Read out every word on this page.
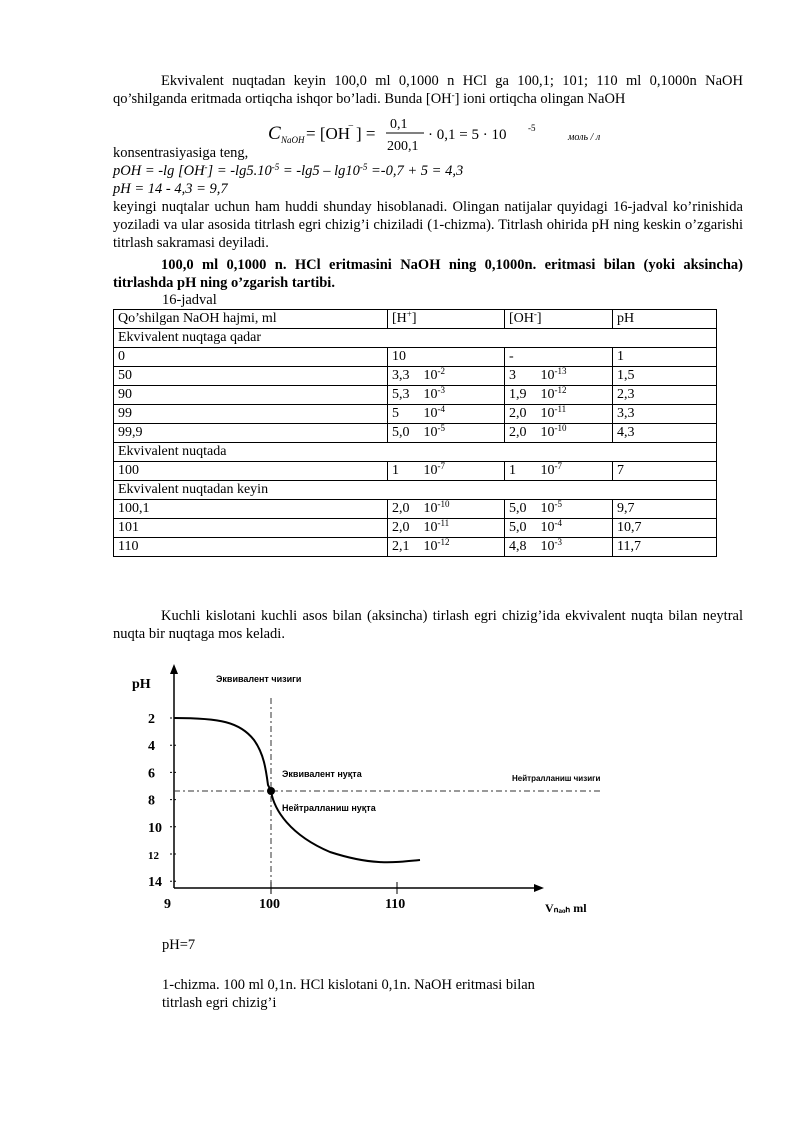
Ekvivalent nuqtadan keyin 100,0 ml 0,1000 n HCl ga 100,1; 101; 110 ml 0,1000n NaOH qo’shilganda eritmada ortiqcha ishqor bo’ladi. Bunda [OH-] ioni ortiqcha olingan NaOH
C NaOH = [OH
− ] = 0,1
200,1
· 0,1 = 5 · 10 -5
моль / л
konsentrasiyasiga teng,
pOH = -lg $[OH^-] = -\lg 5.10^{-5} = -\lg 5 - \lg 10^{-5} =-0,7 + 5 = 4,3$
pH = 14 - 4,3 = 9,7
keyingi nuqtalar uchun ham huddi shunday hisoblanadi. Olingan natijalar quyidagi 16-jadval ko’rinishida yoziladi va ular asosida titrlash egri chizig’i chiziladi (1-chizma). Titrlash ohirida pH ning keskin o’zgarishi titrlash sakramasi deyiladi.
100,0 ml 0,1000 n. HCl eritmasini NaOH ning 0,1000n. eritmasi bilan (yoki aksincha) titrlashda pH ning o’zgarish tartibi.
16-jadval
Qo’shilgan NaOH hajmi, ml	[H+]	[OH-]	pH
Ekvivalent nuqtaga qadar			
0	10	-	1
50	3,3 $10^{-2}$	3 $10^{-13}$	1,5
90	5,3 $10^{-3}$	1,9 $10^{-12}$	2,3
99	5 $10^{-4}$	2,0 $10^{-11}$	3,3
99,9	5,0 $10^{-5}$	2,0 $10^{-10}$	4,3
Ekvivalent nuqtada			
100	1 $10^{-7}$	1 $10^{-7}$	7
Ekvivalent nuqtadan keyin			
100,1	2,0 $10^{-10}$	5,0 $10^{-5}$	9,7
101	2,0 $10^{-11}$	5,0 $10^{-4}$	10,7
110	2,1 $10^{-12}$	4,8 $10^{-3}$	11,7
Kuchli kislotani kuchli asos bilan (aksincha) tirlash egri chizig’ida ekvivalent nuqta bilan neytral nuqta bir nuqtaga mos keladi.
pH
Vₙₐₒₕ ml
2
4
6
8
10
12
14
9	100	110
Эквивалент чизиги
Эквивалент нуқта	Нейтралланиш чизиги
Нейтралланиш нуқта
pH=7
1-chizma. 100 ml 0,1n. HCl kislotani 0,1n. NaOH eritmasi bilan
titrlash egri chizig’i
